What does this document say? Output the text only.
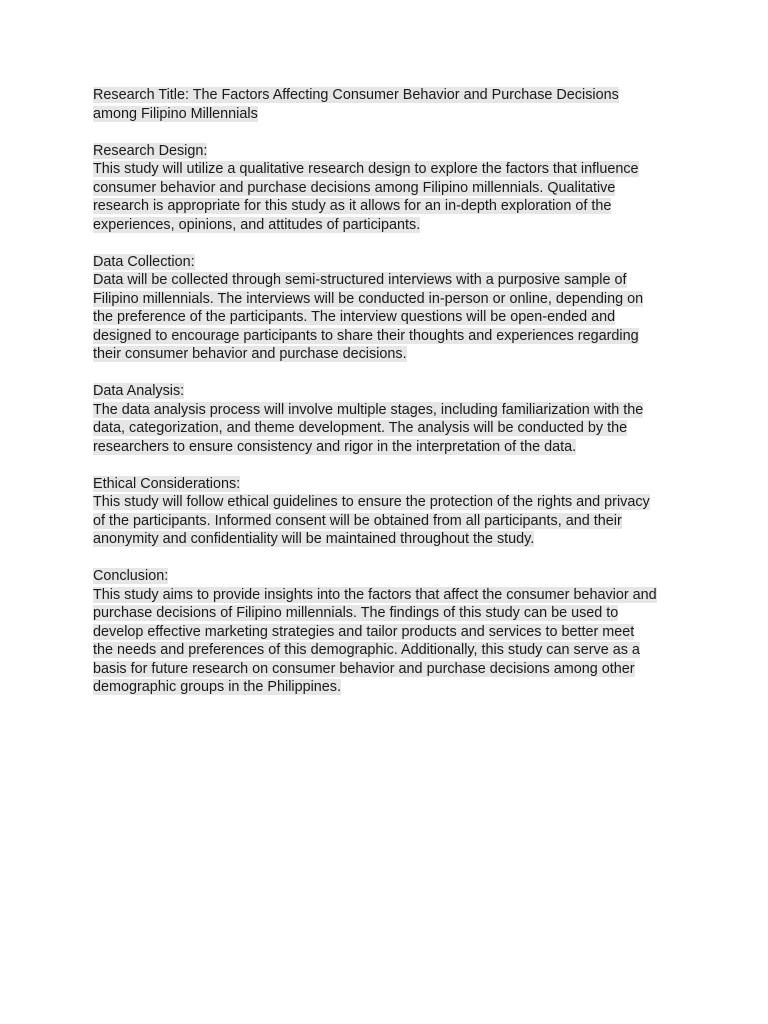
Research Title: The Factors Affecting Consumer Behavior and Purchase Decisions
among Filipino Millennials
Research Design:
This study will utilize a qualitative research design to explore the factors that influence
consumer behavior and purchase decisions among Filipino millennials. Qualitative
research is appropriate for this study as it allows for an in-depth exploration of the
experiences, opinions, and attitudes of participants.
Data Collection:
Data will be collected through semi-structured interviews with a purposive sample of
Filipino millennials. The interviews will be conducted in-person or online, depending on
the preference of the participants. The interview questions will be open-ended and
designed to encourage participants to share their thoughts and experiences regarding
their consumer behavior and purchase decisions.
Data Analysis:
The data analysis process will involve multiple stages, including familiarization with the
data, categorization, and theme development. The analysis will be conducted by the
researchers to ensure consistency and rigor in the interpretation of the data.
Ethical Considerations:
This study will follow ethical guidelines to ensure the protection of the rights and privacy
of the participants. Informed consent will be obtained from all participants, and their
anonymity and confidentiality will be maintained throughout the study.
Conclusion:
This study aims to provide insights into the factors that affect the consumer behavior and
purchase decisions of Filipino millennials. The findings of this study can be used to
develop effective marketing strategies and tailor products and services to better meet
the needs and preferences of this demographic. Additionally, this study can serve as a
basis for future research on consumer behavior and purchase decisions among other
demographic groups in the Philippines.
